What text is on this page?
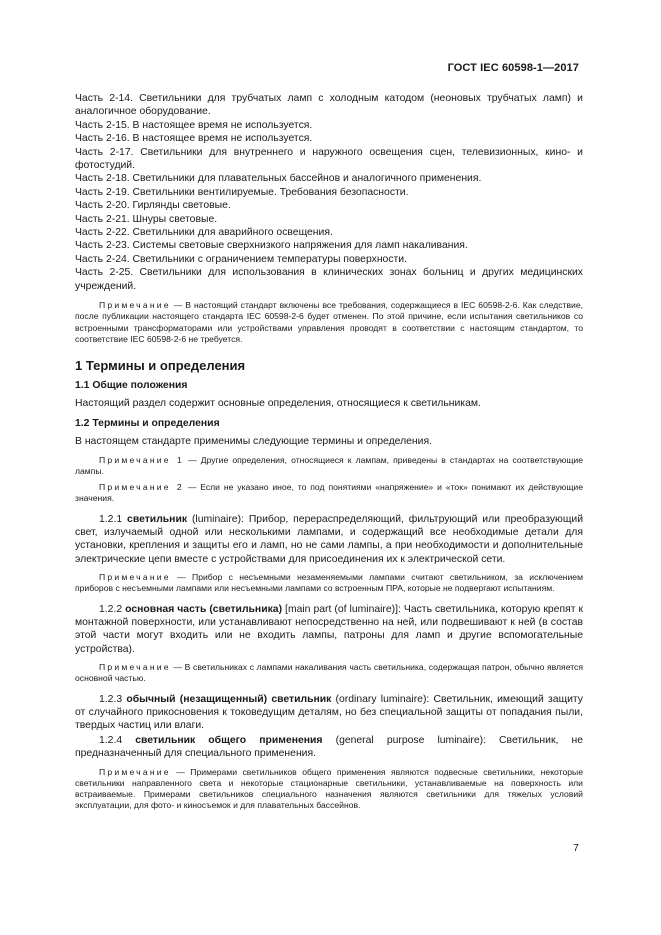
ГОСТ IEC 60598-1—2017

Часть 2-14. Светильники для трубчатых ламп с холодным катодом (неоновых трубчатых ламп) и аналогичное оборудование.

Часть 2-15. В настоящее время не используется.

Часть 2-16. В настоящее время не используется.

Часть 2-17. Светильники для внутреннего и наружного освещения сцен, телевизионных, кино- и фотостудий.

Часть 2-18. Светильники для плавательных бассейнов и аналогичного применения.

Часть 2-19. Светильники вентилируемые. Требования безопасности.

Часть 2-20. Гирлянды световые.

Часть 2-21. Шнуры световые.

Часть 2-22. Светильники для аварийного освещения.

Часть 2-23. Системы световые сверхнизкого напряжения для ламп накаливания.

Часть 2-24. Светильники с ограничением температуры поверхности.

Часть 2-25. Светильники для использования в клинических зонах больниц и других медицинских учреждений.

Примечание — В настоящий стандарт включены все требования, содержащиеся в IEC 60598-2-6. Как следствие, после публикации настоящего стандарта IEC 60598-2-6 будет отменен. По этой причине, если испытания светильников со встроенными трансформаторами или устройствами управления проводят в соответствии с настоящим стандартом, то соответствие IEC 60598-2-6 не требуется.

1 Термины и определения

1.1 Общие положения

Настоящий раздел содержит основные определения, относящиеся к светильникам.

1.2 Термины и определения

В настоящем стандарте применимы следующие термины и определения.

Примечание 1 — Другие определения, относящиеся к лампам, приведены в стандартах на соответствующие лампы.

Примечание 2 — Если не указано иное, то под понятиями «напряжение» и «ток» понимают их действующие значения.

1.2.1 светильник (luminaire): Прибор, перераспределяющий, фильтрующий или преобразующий свет, излучаемый одной или несколькими лампами, и содержащий все необходимые детали для установки, крепления и защиты его и ламп, но не сами лампы, а при необходимости и дополнительные электрические цепи вместе с устройствами для присоединения их к электрической сети.

Примечание — Прибор с несъемными незаменяемыми лампами считают светильником, за исключением приборов с несъемными лампами или несъемными лампами со встроенным ПРА, которые не подвергают испытаниям.

1.2.2 основная часть (светильника) [main part (of luminaire)]: Часть светильника, которую крепят к монтажной поверхности, или устанавливают непосредственно на ней, или подвешивают к ней (в состав этой части могут входить или не входить лампы, патроны для ламп и другие вспомогательные устройства).

Примечание — В светильниках с лампами накаливания часть светильника, содержащая патрон, обычно является основной частью.

1.2.3 обычный (незащищенный) светильник (ordinary luminaire): Светильник, имеющий защиту от случайного прикосновения к токоведущим деталям, но без специальной защиты от попадания пыли, твердых частиц или влаги.

1.2.4 светильник общего применения (general purpose luminaire): Светильник, не предназначенный для специального применения.

Примечание — Примерами светильников общего применения являются подвесные светильники, некоторые светильники направленного света и некоторые стационарные светильники, устанавливаемые на поверхность или встраиваемые. Примерами светильников специального назначения являются светильники для тяжелых условий эксплуатации, для фото- и киносъемок и для плавательных бассейнов.

7
